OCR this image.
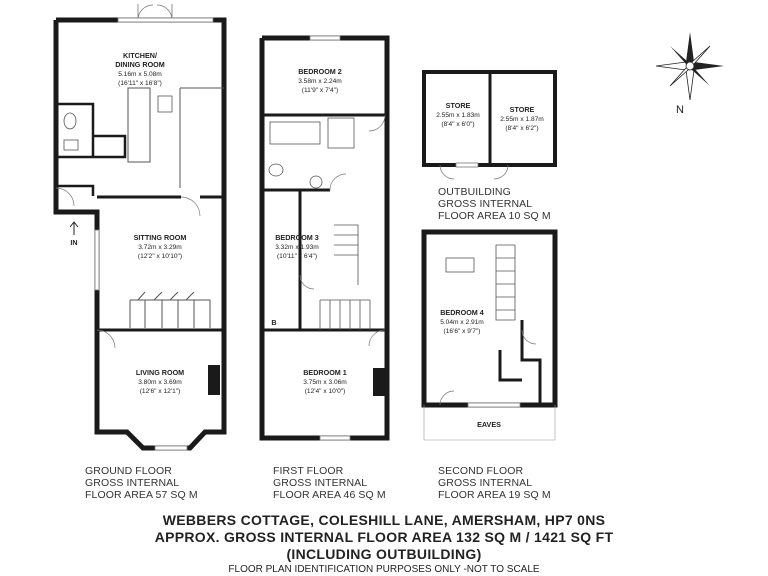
KITCHEN/
DINING ROOM
5.16m x 5.08m
(16'11" x 16'8")
SITTING ROOM
3.72m x 3.29m
(12'2" x 10'10")
LIVING ROOM
3.80m x 3.69m
(12'6" x 12'1")
IN
BEDROOM 2
3.58m x 2.24m
(11'9" x 7'4")
BEDROOM 3
3.32m x 1.93m
(10'11" x 6'4")
B
BEDROOM 1
3.75m x 3.06m
(12'4" x 10'0")
STORE
2.55m x 1.83m
(8'4" x 6'0")
STORE
2.55m x 1.87m
(8'4" x 6'2")
BEDROOM 4
5.04m x 2.91m
(16'6" x 9'7")
EAVES
N
OUTBUILDING
GROSS INTERNAL
FLOOR AREA 10 SQ M
GROUND FLOOR
GROSS INTERNAL
FLOOR AREA 57 SQ M
FIRST FLOOR
GROSS INTERNAL
FLOOR AREA 46 SQ M
SECOND FLOOR
GROSS INTERNAL
FLOOR AREA 19 SQ M
WEBBERS COTTAGE, COLESHILL LANE, AMERSHAM, HP7 0NS
APPROX. GROSS INTERNAL FLOOR AREA 132 SQ M / 1421 SQ FT
(INCLUDING OUTBUILDING)
FLOOR PLAN IDENTIFICATION PURPOSES ONLY -NOT TO SCALE
